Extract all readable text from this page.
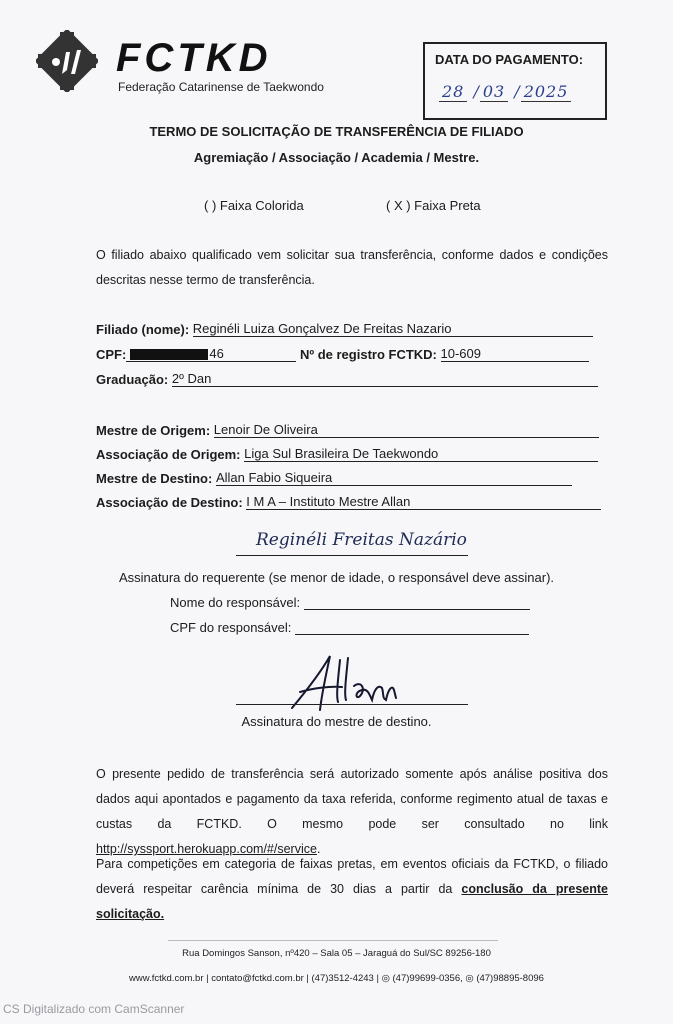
FCTKD
Federação Catarinense de Taekwondo
DATA DO PAGAMENTO:
28 / 03 / 2025
TERMO DE SOLICITAÇÃO DE TRANSFERÊNCIA DE FILIADO
Agremiação / Associação / Academia / Mestre.
( ) Faixa Colorida	( X ) Faixa Preta
O filiado abaixo qualificado vem solicitar sua transferência, conforme dados e condições descritas nesse termo de transferência.
Filiado (nome): Reginéli Luiza Gonçalvez De Freitas Nazario
CPF:	46	Nº de registro FCTKD: 10-609
Graduação: 2º Dan
Mestre de Origem: Lenoir De Oliveira
Associação de Origem: Liga Sul Brasileira De Taekwondo
Mestre de Destino: Allan Fabio Siqueira
Associação de Destino: I M A – Instituto Mestre Allan
Reginéli Freitas Nazário
Assinatura do requerente (se menor de idade, o responsável deve assinar).
Nome do responsável:
CPF do responsável:
Assinatura do mestre de destino.
O presente pedido de transferência será autorizado somente após análise positiva dos dados aqui apontados e pagamento da taxa referida, conforme regimento atual de taxas e custas da FCTKD. O mesmo pode ser consultado no link http://syssport.herokuapp.com/#/service.
Para competições em categoria de faixas pretas, em eventos oficiais da FCTKD, o filiado deverá respeitar carência mínima de 30 dias a partir da conclusão da presente solicitação.
Rua Domingos Sanson, nº420 – Sala 05 – Jaraguá do Sul/SC 89256-180
www.fctkd.com.br | contato@fctkd.com.br | (47)3512-4243 | ◎ (47)99699-0356, ◎ (47)98895-8096
CS Digitalizado com CamScanner
